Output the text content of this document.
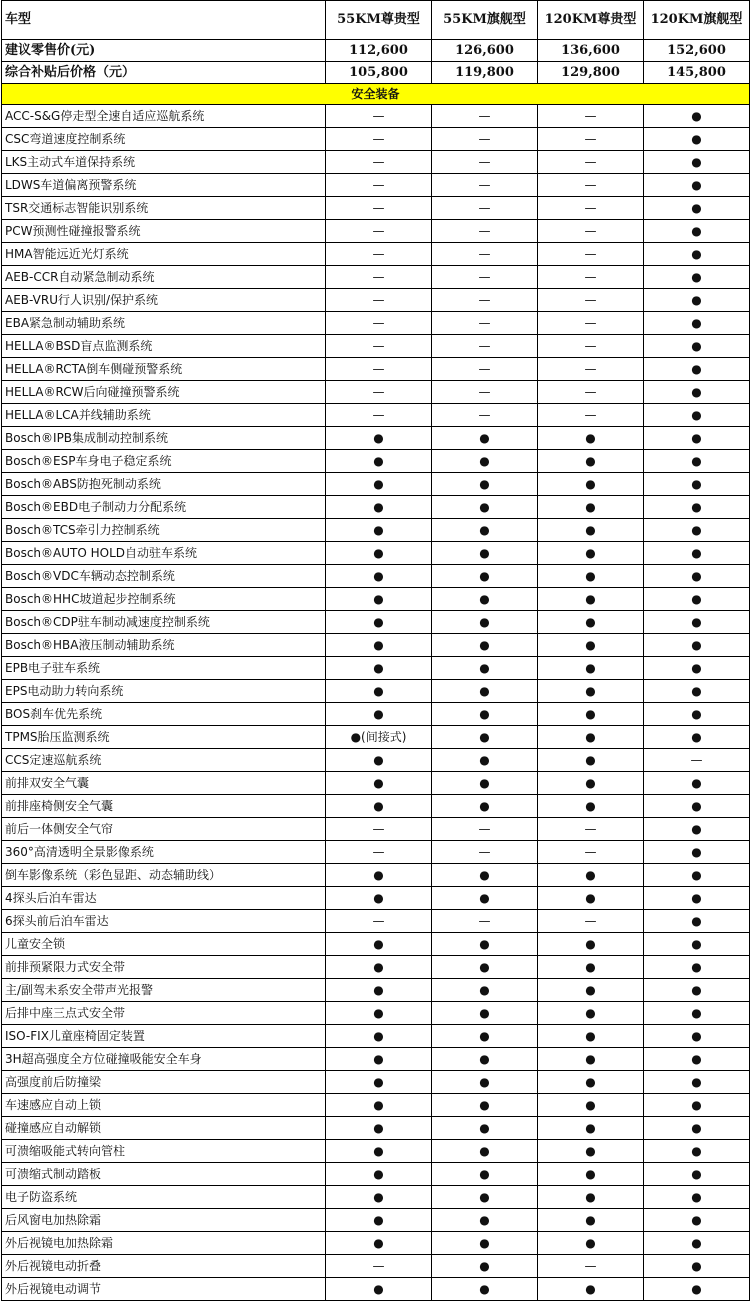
车型	55KM尊贵型	55KM旗舰型	120KM尊贵型	120KM旗舰型
建议零售价(元)	112,600	126,600	136,600	152,600
综合补贴后价格（元）	105,800	119,800	129,800	145,800
安全装备				
ACC-S&G停走型全速自适应巡航系统	—	—	—	●
CSC弯道速度控制系统	—	—	—	●
LKS主动式车道保持系统	—	—	—	●
LDWS车道偏离预警系统	—	—	—	●
TSR交通标志智能识别系统	—	—	—	●
PCW预测性碰撞报警系统	—	—	—	●
HMA智能远近光灯系统	—	—	—	●
AEB-CCR自动紧急制动系统	—	—	—	●
AEB-VRU行人识别/保护系统	—	—	—	●
EBA紧急制动辅助系统	—	—	—	●
HELLA®BSD盲点监测系统	—	—	—	●
HELLA®RCTA倒车侧碰预警系统	—	—	—	●
HELLA®RCW后向碰撞预警系统	—	—	—	●
HELLA®LCA并线辅助系统	—	—	—	●
Bosch®IPB集成制动控制系统	●	●	●	●
Bosch®ESP车身电子稳定系统	●	●	●	●
Bosch®ABS防抱死制动系统	●	●	●	●
Bosch®EBD电子制动力分配系统	●	●	●	●
Bosch®TCS牵引力控制系统	●	●	●	●
Bosch®AUTO HOLD自动驻车系统	●	●	●	●
Bosch®VDC车辆动态控制系统	●	●	●	●
Bosch®HHC坡道起步控制系统	●	●	●	●
Bosch®CDP驻车制动减速度控制系统	●	●	●	●
Bosch®HBA液压制动辅助系统	●	●	●	●
EPB电子驻车系统	●	●	●	●
EPS电动助力转向系统	●	●	●	●
BOS刹车优先系统	●	●	●	●
TPMS胎压监测系统	●(间接式)	●	●	●
CCS定速巡航系统	●	●	●	—
前排双安全气囊	●	●	●	●
前排座椅侧安全气囊	●	●	●	●
前后一体侧安全气帘	—	—	—	●
360°高清透明全景影像系统	—	—	—	●
倒车影像系统（彩色显距、动态辅助线）	●	●	●	●
4探头后泊车雷达	●	●	●	●
6探头前后泊车雷达	—	—	—	●
儿童安全锁	●	●	●	●
前排预紧限力式安全带	●	●	●	●
主/副驾未系安全带声光报警	●	●	●	●
后排中座三点式安全带	●	●	●	●
ISO-FIX儿童座椅固定装置	●	●	●	●
3H超高强度全方位碰撞吸能安全车身	●	●	●	●
高强度前后防撞梁	●	●	●	●
车速感应自动上锁	●	●	●	●
碰撞感应自动解锁	●	●	●	●
可溃缩吸能式转向管柱	●	●	●	●
可溃缩式制动踏板	●	●	●	●
电子防盗系统	●	●	●	●
后风窗电加热除霜	●	●	●	●
外后视镜电加热除霜	●	●	●	●
外后视镜电动折叠	—	●	—	●
外后视镜电动调节	●	●	●	●
